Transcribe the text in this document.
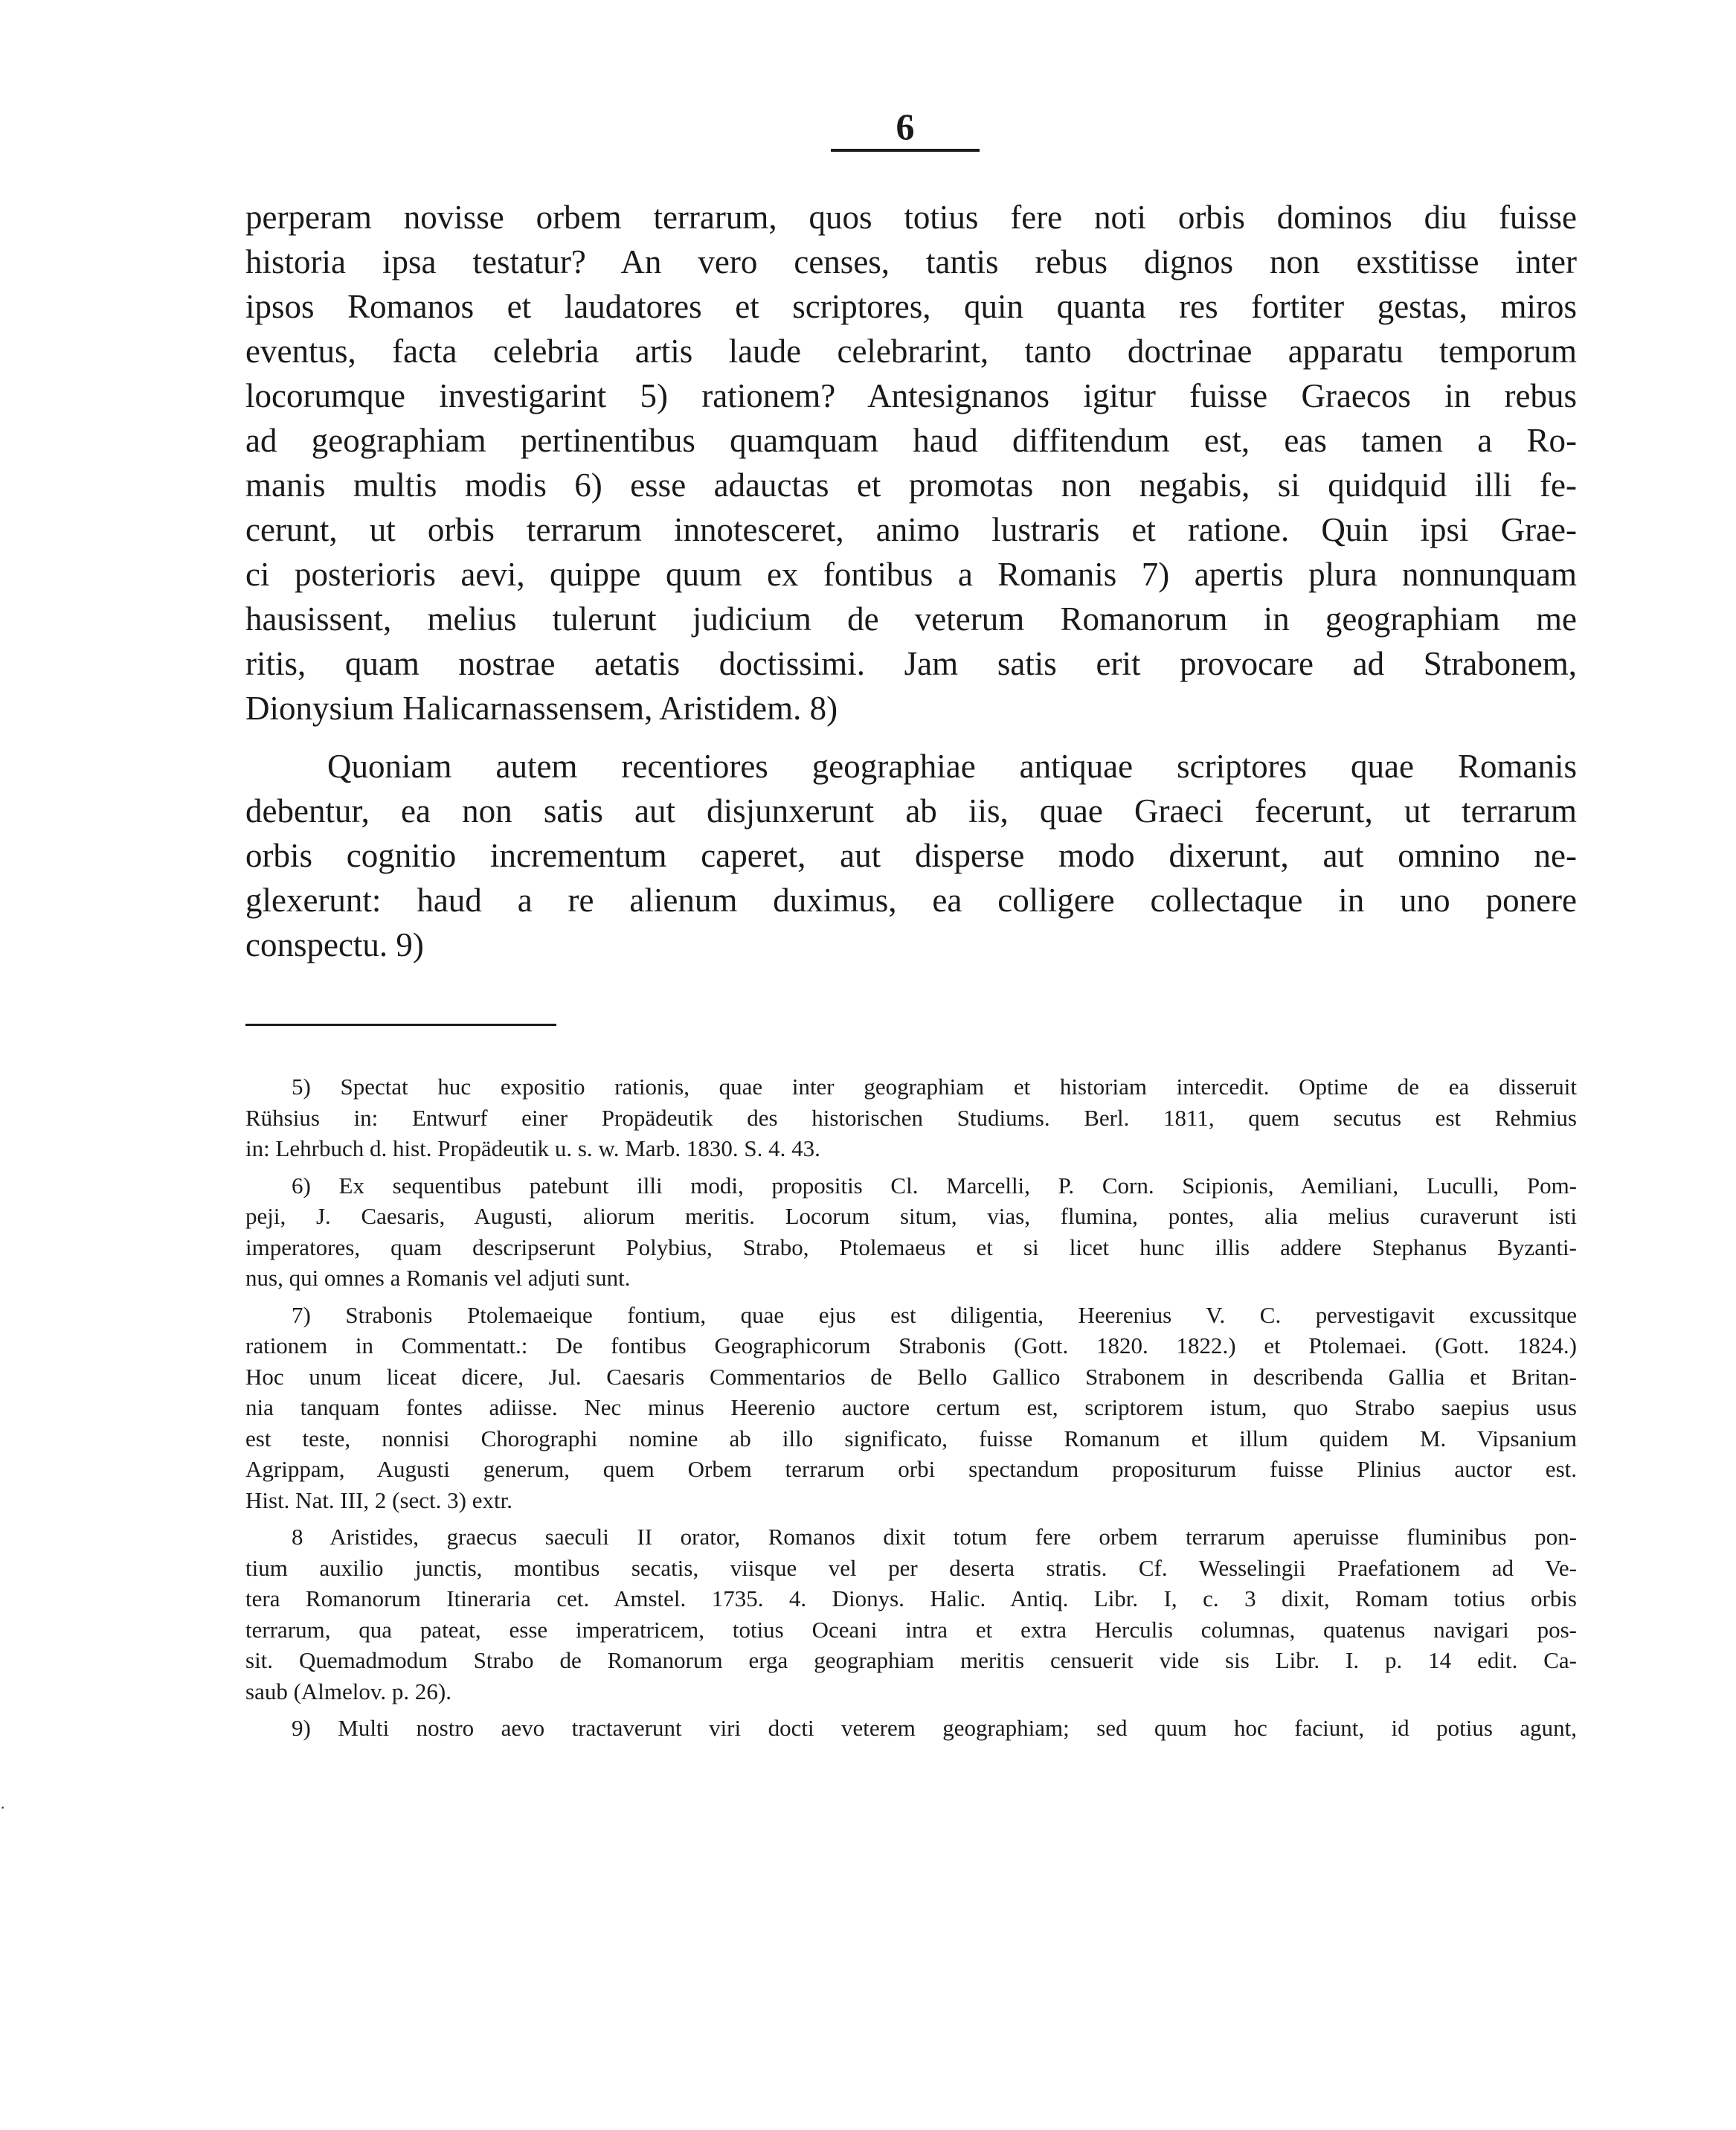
6
perperam novisse orbem terrarum, quos totius fere noti orbis dominos diu fuisse
historia ipsa testatur? An vero censes, tantis rebus dignos non exstitisse inter
ipsos Romanos et laudatores et scriptores, quin quanta res fortiter gestas, miros
eventus, facta celebria artis laude celebrarint, tanto doctrinae apparatu temporum
locorumque investigarint 5) rationem? Antesignanos igitur fuisse Graecos in rebus
ad geographiam pertinentibus quamquam haud diffitendum est, eas tamen a Ro-
manis multis modis 6) esse adauctas et promotas non negabis, si quidquid illi fe-
cerunt, ut orbis terrarum innotesceret, animo lustraris et ratione. Quin ipsi Grae-
ci posterioris aevi, quippe quum ex fontibus a Romanis 7) apertis plura nonnunquam
hausissent, melius tulerunt judicium de veterum Romanorum in geographiam me
ritis, quam nostrae aetatis doctissimi. Jam satis erit provocare ad Strabonem,
Dionysium Halicarnassensem, Aristidem. 8)
Quoniam autem recentiores geographiae antiquae scriptores quae Romanis
debentur, ea non satis aut disjunxerunt ab iis, quae Graeci fecerunt, ut terrarum
orbis cognitio incrementum caperet, aut disperse modo dixerunt, aut omnino ne-
glexerunt: haud a re alienum duximus, ea colligere collectaque in uno ponere
conspectu. 9)
5) Spectat huc expositio rationis, quae inter geographiam et historiam intercedit. Optime de ea disseruit
Rühsius in: Entwurf einer Propädeutik des historischen Studiums. Berl. 1811, quem secutus est Rehmius
in: Lehrbuch d. hist. Propädeutik u. s. w. Marb. 1830. S. 4. 43.
6) Ex sequentibus patebunt illi modi, propositis Cl. Marcelli, P. Corn. Scipionis, Aemiliani, Luculli, Pom-
peji, J. Caesaris, Augusti, aliorum meritis. Locorum situm, vias, flumina, pontes, alia melius curaverunt isti
imperatores, quam descripserunt Polybius, Strabo, Ptolemaeus et si licet hunc illis addere Stephanus Byzanti-
nus, qui omnes a Romanis vel adjuti sunt.
7) Strabonis Ptolemaeique fontium, quae ejus est diligentia, Heerenius V. C. pervestigavit excussitque
rationem in Commentatt.: De fontibus Geographicorum Strabonis (Gott. 1820. 1822.) et Ptolemaei. (Gott. 1824.)
Hoc unum liceat dicere, Jul. Caesaris Commentarios de Bello Gallico Strabonem in describenda Gallia et Britan-
nia tanquam fontes adiisse. Nec minus Heerenio auctore certum est, scriptorem istum, quo Strabo saepius usus
est teste, nonnisi Chorographi nomine ab illo significato, fuisse Romanum et illum quidem M. Vipsanium
Agrippam, Augusti generum, quem Orbem terrarum orbi spectandum propositurum fuisse Plinius auctor est.
Hist. Nat. III, 2 (sect. 3) extr.
8 Aristides, graecus saeculi II orator, Romanos dixit totum fere orbem terrarum aperuisse fluminibus pon-
tium auxilio junctis, montibus secatis, viisque vel per deserta stratis. Cf. Wesselingii Praefationem ad Ve-
tera Romanorum Itineraria cet. Amstel. 1735. 4. Dionys. Halic. Antiq. Libr. I, c. 3 dixit, Romam totius orbis
terrarum, qua pateat, esse imperatricem, totius Oceani intra et extra Herculis columnas, quatenus navigari pos-
sit. Quemadmodum Strabo de Romanorum erga geographiam meritis censuerit vide sis Libr. I. p. 14 edit. Ca-
saub (Almelov. p. 26).
9) Multi nostro aevo tractaverunt viri docti veterem geographiam; sed quum hoc faciunt, id potius agunt,
·
